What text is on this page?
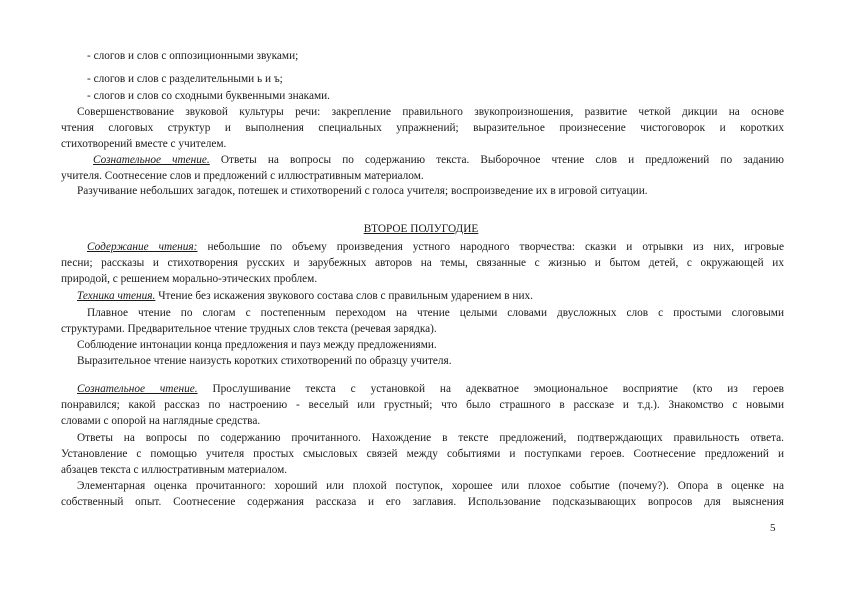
- слогов и слов с оппозиционными звуками;
- слогов и слов с разделительными ь и ъ;
- слогов и слов со сходными буквенными знаками.
Совершенствование звуковой культуры речи: закрепление правильного звукопроизношения, развитие четкой дикции на основе
чтения слоговых структур и выполнения специальных упражнений; выразительное произнесение чистоговорок и коротких
стихотворений вместе с учителем.
Сознательное чтение. Ответы на вопросы по содержанию текста. Выборочное чтение слов и предложений по заданию
учителя. Соотнесение слов и предложений с иллюстративным материалом.
Разучивание небольших загадок, потешек и стихотворений с голоса учителя; воспроизведение их в игровой ситуации.
ВТОРОЕ ПОЛУГОДИЕ
Содержание чтения: небольшие по объему произведения устного народного творчества: сказки и отрывки из них, игровые
песни; рассказы и стихотворения русских и зарубежных авторов на темы, связанные с жизнью и бытом детей, с окружающей их
природой, с решением морально-этических проблем.
Техника чтения. Чтение без искажения звукового состава слов с правильным ударением в них.
Плавное чтение по слогам с постепенным переходом на чтение целыми словами двусложных слов с простыми слоговыми
структурами. Предварительное чтение трудных слов текста (речевая зарядка).
Соблюдение интонации конца предложения и пауз между предложениями.
Выразительное чтение наизусть коротких стихотворений по образцу учителя.
Сознательное чтение. Прослушивание текста с установкой на адекватное эмоциональное восприятие (кто из героев
понравился; какой рассказ по настроению - веселый или грустный; что было страшного в рассказе и т.д.). Знакомство с новыми
словами с опорой на наглядные средства.
Ответы на вопросы по содержанию прочитанного. Нахождение в тексте предложений, подтверждающих правильность ответа.
Установление с помощью учителя простых смысловых связей между событиями и поступками героев. Соотнесение предложений и
абзацев текста с иллюстративным материалом.
Элементарная оценка прочитанного: хороший или плохой поступок, хорошее или плохое событие (почему?). Опора в оценке на
собственный опыт. Соотнесение содержания рассказа и его заглавия. Использование подсказывающих вопросов для выяснения
5
